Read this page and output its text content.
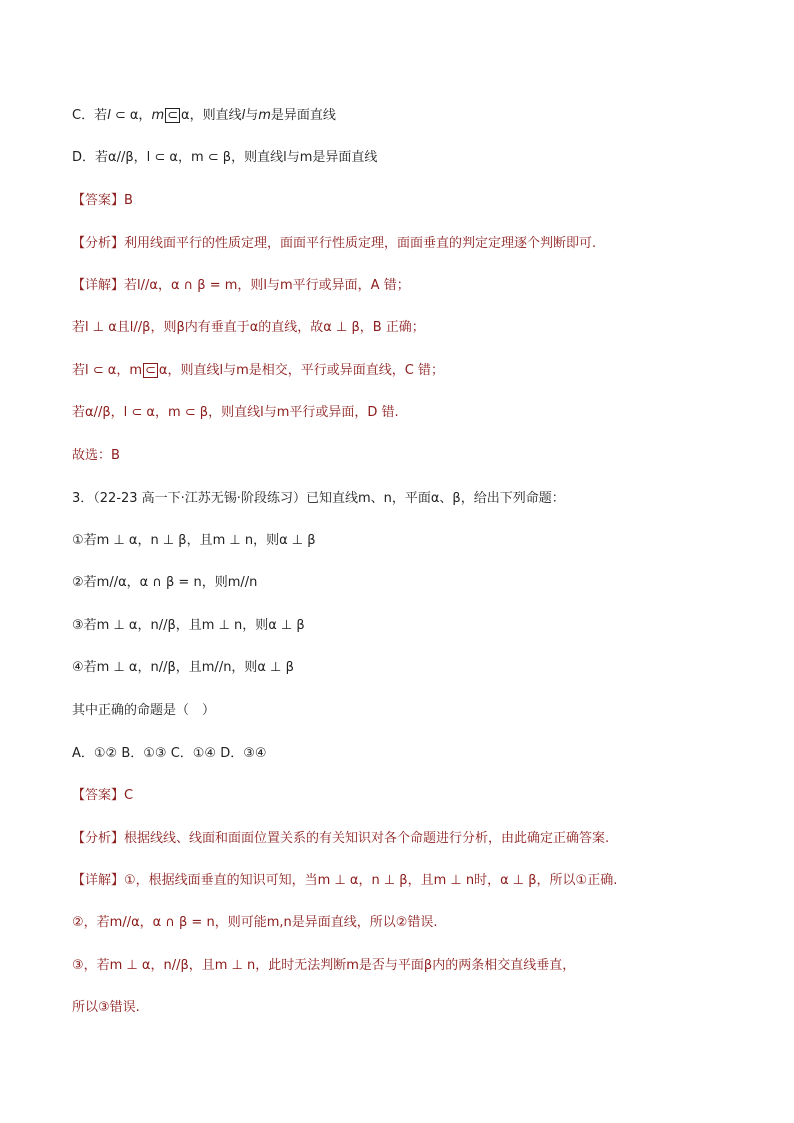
C．若l ⊂ α，m ⊂ α，则直线l与m是异面直线
D．若α//β，l ⊂ α，m ⊂ β，则直线l与m是异面直线
【答案】B
【分析】利用线面平行的性质定理，面面平行性质定理，面面垂直的判定定理逐个判断即可.
【详解】若l//α，α ∩ β = m，则l与m平行或异面，A 错；
若l ⊥ α且l//β，则β内有垂直于α的直线，故α ⊥ β，B 正确；
若l ⊂ α，m ⊂ α，则直线l与m是相交，平行或异面直线，C 错；
若α//β，l ⊂ α，m ⊂ β，则直线l与m平行或异面，D 错.
故选：B
3．（22-23 高一下·江苏无锡·阶段练习）已知直线m、n，平面α、β，给出下列命题：
①若m ⊥ α，n ⊥ β，且m ⊥ n，则α ⊥ β
②若m//α，α ∩ β = n，则m//n
③若m ⊥ α，n//β，且m ⊥ n，则α ⊥ β
④若m ⊥ α，n//β，且m//n，则α ⊥ β
其中正确的命题是（　）
A．①② B．①③ C．①④ D．③④
【答案】C
【分析】根据线线、线面和面面位置关系的有关知识对各个命题进行分析，由此确定正确答案.
【详解】①，根据线面垂直的知识可知，当m ⊥ α，n ⊥ β，且m ⊥ n时，α ⊥ β，所以①正确.
②，若m//α，α ∩ β = n，则可能m,n是异面直线，所以②错误.
③，若m ⊥ α，n//β，且m ⊥ n，此时无法判断m是否与平面β内的两条相交直线垂直，
所以③错误.
